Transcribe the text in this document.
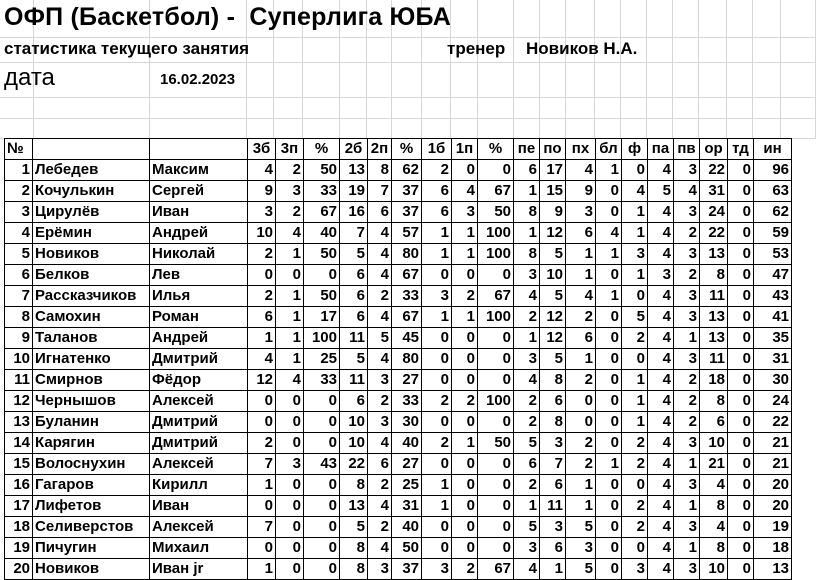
ОФП (Баскетбол) -  Суперлига ЮБА
статистика текущего занятия	тренер Новиков Н.А.
дата	16.02.2023
№			3б	3п	%	2б	2п	%	1б	1п	%	пе	по	пх	бл	ф	па	пв	ор	тд	ин
1	Лебедев	Максим	4	2	50	13	8	62	2	0	0	6	17	4	1	0	4	3	22	0	96
2	Кочулькин	Сергей	9	3	33	19	7	37	6	4	67	1	15	9	0	4	5	4	31	0	63
3	Цирулёв	Иван	3	2	67	16	6	37	6	3	50	8	9	3	0	1	4	3	24	0	62
4	Ерёмин	Андрей	10	4	40	7	4	57	1	1	100	1	12	6	4	1	4	2	22	0	59
5	Новиков	Николай	2	1	50	5	4	80	1	1	100	8	5	1	1	3	4	3	13	0	53
6	Белков	Лев	0	0	0	6	4	67	0	0	0	3	10	1	0	1	3	2	8	0	47
7	Рассказчиков	Илья	2	1	50	6	2	33	3	2	67	4	5	4	1	0	4	3	11	0	43
8	Самохин	Роман	6	1	17	6	4	67	1	1	100	2	12	2	0	5	4	3	13	0	41
9	Таланов	Андрей	1	1	100	11	5	45	0	0	0	1	12	6	0	2	4	1	13	0	35
10	Игнатенко	Дмитрий	4	1	25	5	4	80	0	0	0	3	5	1	0	0	4	3	11	0	31
11	Смирнов	Фёдор	12	4	33	11	3	27	0	0	0	4	8	2	0	1	4	2	18	0	30
12	Чернышов	Алексей	0	0	0	6	2	33	2	2	100	2	6	0	0	1	4	2	8	0	24
13	Буланин	Дмитрий	0	0	0	10	3	30	0	0	0	2	8	0	0	1	4	2	6	0	22
14	Карягин	Дмитрий	2	0	0	10	4	40	2	1	50	5	3	2	0	2	4	3	10	0	21
15	Волоснухин	Алексей	7	3	43	22	6	27	0	0	0	6	7	2	1	2	4	1	21	0	21
16	Гагаров	Кирилл	1	0	0	8	2	25	1	0	0	2	6	1	0	0	4	3	4	0	20
17	Лифетов	Иван	0	0	0	13	4	31	1	0	0	1	11	1	0	2	4	1	8	0	20
18	Селиверстов	Алексей	7	0	0	5	2	40	0	0	0	5	3	5	0	2	4	3	4	0	19
19	Пичугин	Михаил	0	0	0	8	4	50	0	0	0	3	6	3	0	0	4	1	8	0	18
20	Новиков	Иван jr	1	0	0	8	3	37	3	2	67	4	1	5	0	3	4	3	10	0	13
